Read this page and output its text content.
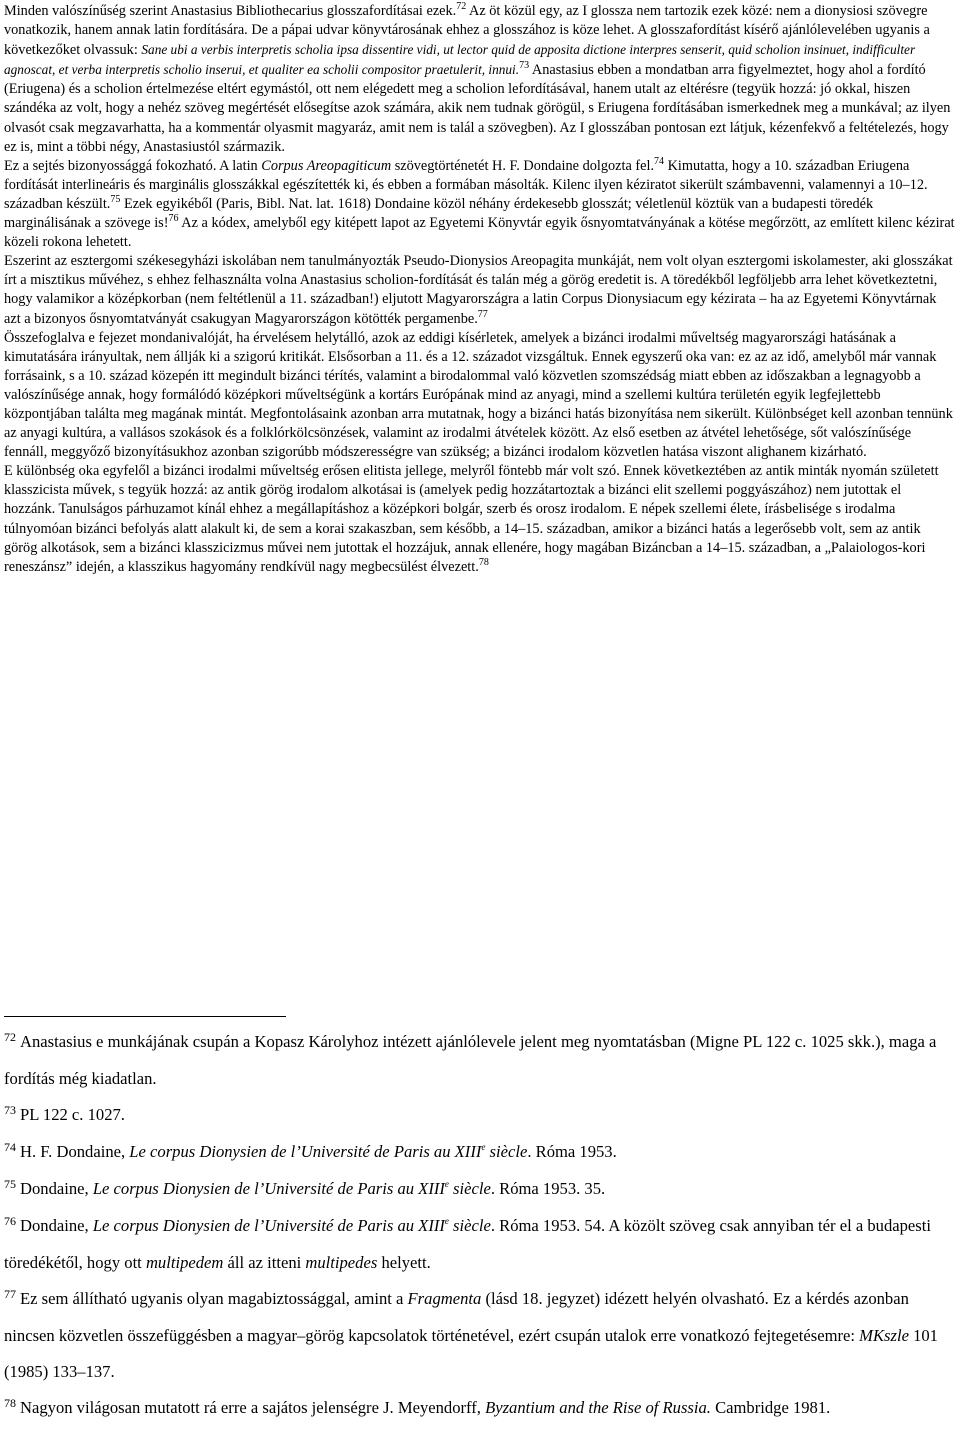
Minden valószínűség szerint Anastasius Bibliothecarius glosszafordításai ezek.$^{72}$ Az öt közül egy, az I glossza nem tartozik ezek közé: nem a dionysiosi szövegre vonatkozik, hanem annak latin fordítására. De a pápai udvar könyvtárosának ehhez a glosszához is köze lehet. A glosszafordítást kísérő ajánlólevelében ugyanis a következőket olvassuk: Sane ubi a verbis interpretis scholia ipsa dissentire vidi, ut lector quid de apposita dictione interpres senserit, quid scholion insinuet, indifficulter agnoscat, et verba interpretis scholio inserui, et qualiter ea scholii compositor praetulerit, innui.$^{73}$ Anastasius ebben a mondatban arra figyelmeztet, hogy ahol a fordító (Eriugena) és a scholion értelmezése eltért egymástól, ott nem elégedett meg a scholion lefordításával, hanem utalt az eltérésre (tegyük hozzá: jó okkal, hiszen szándéka az volt, hogy a nehéz szöveg megértését elősegítse azok számára, akik nem tudnak görögül, s Eriugena fordításában ismerkednek meg a munkával; az ilyen olvasót csak megzavarhatta, ha a kommentár olyasmit magyaráz, amit nem is talál a szövegben). Az I glosszában pontosan ezt látjuk, kézenfekvő a feltételezés, hogy ez is, mint a többi négy, Anastasiustól származik.

Ez a sejtés bizonyossággá fokozható. A latin Corpus Areopagiticum szövegtörténetét H. F. Dondaine dolgozta fel.$^{74}$ Kimutatta, hogy a 10. században Eriugena fordítását interlineáris és marginális glosszákkal egészítették ki, és ebben a formában másolták. Kilenc ilyen kéziratot sikerült számbavenni, valamennyi a 10–12. században készült.$^{75}$ Ezek egyikéből (Paris, Bibl. Nat. lat. 1618) Dondaine közöl néhány érdekesebb glosszát; véletlenül köztük van a budapesti töredék marginálisának a szövege is!$^{76}$ Az a kódex, amelyből egy kitépett lapot az Egyetemi Könyvtár egyik ősnyomtatványának a kötése megőrzött, az említett kilenc kézirat közeli rokona lehetett.

Eszerint az esztergomi székesegyházi iskolában nem tanulmányozták Pseudo-Dionysios Areopagita munkáját, nem volt olyan esztergomi iskolamester, aki glosszákat írt a misztikus művéhez, s ehhez felhasználta volna Anastasius scholion-fordítását és talán még a görög eredetit is. A töredékből legföljebb arra lehet következtetni, hogy valamikor a középkorban (nem feltétlenül a 11. században!) eljutott Magyarországra a latin Corpus Dionysiacum egy kézirata – ha az Egyetemi Könyvtárnak azt a bizonyos ősnyomtatványát csakugyan Magyarországon kötötték pergamenbe.$^{77}$

Összefoglalva e fejezet mondanivalóját, ha érvelésem helytálló, azok az eddigi kísérletek, amelyek a bizánci irodalmi műveltség magyarországi hatásának a kimutatására irányultak, nem állják ki a szigorú kritikát. Elsősorban a 11. és a 12. századot vizsgáltuk. Ennek egyszerű oka van: ez az az idő, amelyből már vannak forrásaink, s a 10. század közepén itt megindult bizánci térítés, valamint a birodalommal való közvetlen szomszédság miatt ebben az időszakban a legnagyobb a valószínűsége annak, hogy formálódó középkori műveltségünk a kortárs Európának mind az anyagi, mind a szellemi kultúra területén egyik legfejlettebb központjában találta meg magának mintát. Megfontolásaink azonban arra mutatnak, hogy a bizánci hatás bizonyítása nem sikerült. Különbséget kell azonban tennünk az anyagi kultúra, a vallásos szokások és a folklórkölcsönzések, valamint az irodalmi átvételek között. Az első esetben az átvétel lehetősége, sőt valószínűsége fennáll, meggyőző bizonyításukhoz azonban szigorúbb módszerességre van szükség; a bizánci irodalom közvetlen hatása viszont alighanem kizárható.

E különbség oka egyfelől a bizánci irodalmi műveltség erősen elitista jellege, melyről föntebb már volt szó. Ennek következtében az antik minták nyomán született klasszicista művek, s tegyük hozzá: az antik görög irodalom alkotásai is (amelyek pedig hozzátartoztak a bizánci elit szellemi poggyászához) nem jutottak el hozzánk. Tanulságos párhuzamot kínál ehhez a megállapításhoz a középkori bolgár, szerb és orosz irodalom. E népek szellemi élete, írásbelisége s irodalma túlnyomóan bizánci befolyás alatt alakult ki, de sem a korai szakaszban, sem később, a 14–15. században, amikor a bizánci hatás a legerősebb volt, sem az antik görög alkotások, sem a bizánci klasszicizmus művei nem jutottak el hozzájuk, annak ellenére, hogy magában Bizáncban a 14–15. században, a „Palaiologos-kori reneszánsz” idején, a klasszikus hagyomány rendkívül nagy megbecsülést élvezett.$^{78}$

$^{72}$ Anastasius e munkájának csupán a Kopasz Károlyhoz intézett ajánlólevele jelent meg nyomtatásban (Migne PL 122 c. 1025 skk.), maga a fordítás még kiadatlan.

$^{73}$ PL 122 c. 1027.

$^{74}$ H. F. Dondaine, Le corpus Dionysien de l’Université de Paris au XIIIe siècle. Róma 1953.

$^{75}$ Dondaine, Le corpus Dionysien de l’Université de Paris au XIIIe siècle. Róma 1953. 35.

$^{76}$ Dondaine, Le corpus Dionysien de l’Université de Paris au XIIIe siècle. Róma 1953. 54. A közölt szöveg csak annyiban tér el a budapesti töredékétől, hogy ott multipedem áll az itteni multipedes helyett.

$^{77}$ Ez sem állítható ugyanis olyan magabiztossággal, amint a Fragmenta (lásd 18. jegyzet) idézett helyén olvasható. Ez a kérdés azonban nincsen közvetlen összefüggésben a magyar–görög kapcsolatok történetével, ezért csupán utalok erre vonatkozó fejtegetésemre: MKszle 101 (1985) 133–137.

$^{78}$ Nagyon világosan mutatott rá erre a sajátos jelenségre J. Meyendorff, Byzantium and the Rise of Russia. Cambridge 1981.
